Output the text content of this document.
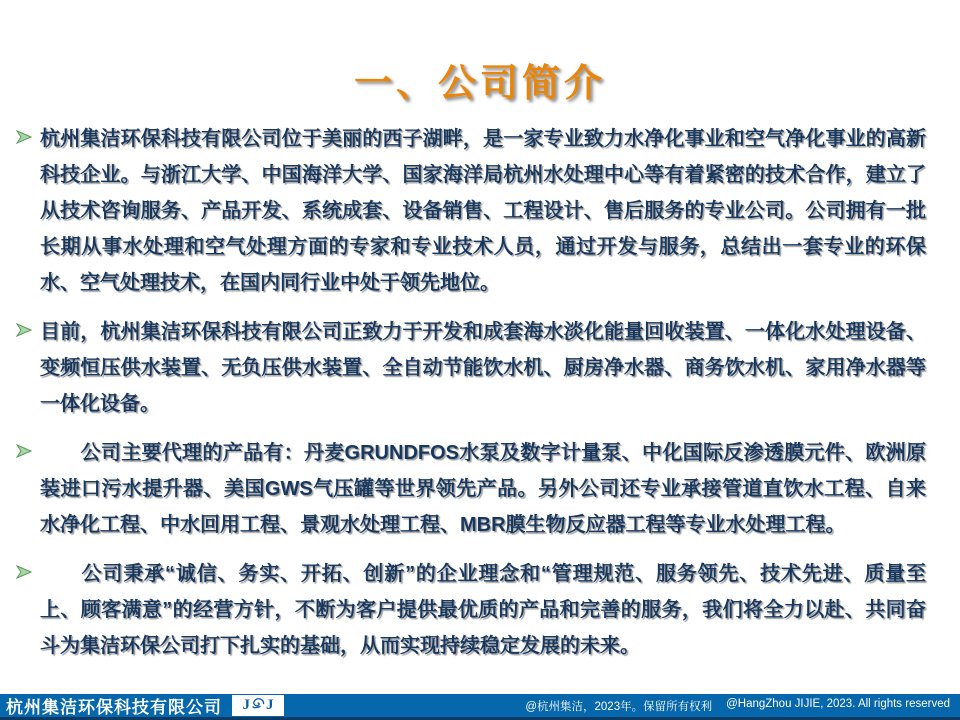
一、公司简介
杭州集洁环保科技有限公司位于美丽的西子湖畔，是一家专业致力水净化事业和空气净化事业的高新科技企业。与浙江大学、中国海洋大学、国家海洋局杭州水处理中心等有着紧密的技术合作，建立了从技术咨询服务、产品开发、系统成套、设备销售、工程设计、售后服务的专业公司。公司拥有一批长期从事水处理和空气处理方面的专家和专业技术人员，通过开发与服务，总结出一套专业的环保水、空气处理技术，在国内同行业中处于领先地位。
目前，杭州集洁环保科技有限公司正致力于开发和成套海水淡化能量回收装置、一体化水处理设备、变频恒压供水装置、无负压供水装置、全自动节能饮水机、厨房净水器、商务饮水机、家用净水器等一体化设备。
　　公司主要代理的产品有：丹麦GRUNDFOS水泵及数字计量泵、中化国际反渗透膜元件、欧洲原装进口污水提升器、美国GWS气压罐等世界领先产品。另外公司还专业承接管道直饮水工程、自来水净化工程、中水回用工程、景观水处理工程、MBR膜生物反应器工程等专业水处理工程。
　　公司秉承“诚信、务实、开拓、创新”的企业理念和“管理规范、服务领先、技术先进、质量至上、顾客满意”的经营方针，不断为客户提供最优质的产品和完善的服务，我们将全力以赴、共同奋斗为集洁环保公司打下扎实的基础，从而实现持续稳定发展的未来。
杭州集洁环保科技有限公司 J J	@杭州集洁，2023年。保留所有权利 @HangZhou JIJIE, 2023. All rights reserved
